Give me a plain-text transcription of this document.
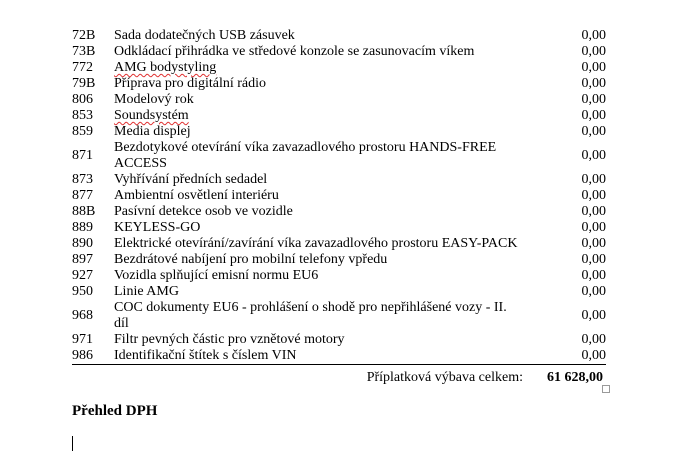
72B	Sada dodatečných USB zásuvek	0,00
73B	Odkládací přihrádka ve středové konzole se zasunovacím víkem	0,00
772	AMG bodystyling	0,00
79B	Příprava pro digitální rádio	0,00
806	Modelový rok	0,00
853	Soundsystém	0,00
859	Media displej	0,00
871	Bezdotykové otevírání víka zavazadlového prostoru HANDS-FREE ACCESS	0,00
873	Vyhřívání předních sedadel	0,00
877	Ambientní osvětlení interiéru	0,00
88B	Pasívní detekce osob ve vozidle	0,00
889	KEYLESS-GO	0,00
890	Elektrické otevírání/zavírání víka zavazadlového prostoru EASY-PACK	0,00
897	Bezdrátové nabíjení pro mobilní telefony vpředu	0,00
927	Vozidla splňující emisní normu EU6	0,00
950	Linie AMG	0,00
968	COC dokumenty EU6 - prohlášení o shodě pro nepřihlášené vozy - II. díl	0,00
971	Filtr pevných částic pro vznětové motory	0,00
986	Identifikační štítek s číslem VIN	0,00
Příplatková výbava celkem: 61 628,00
Přehled DPH
